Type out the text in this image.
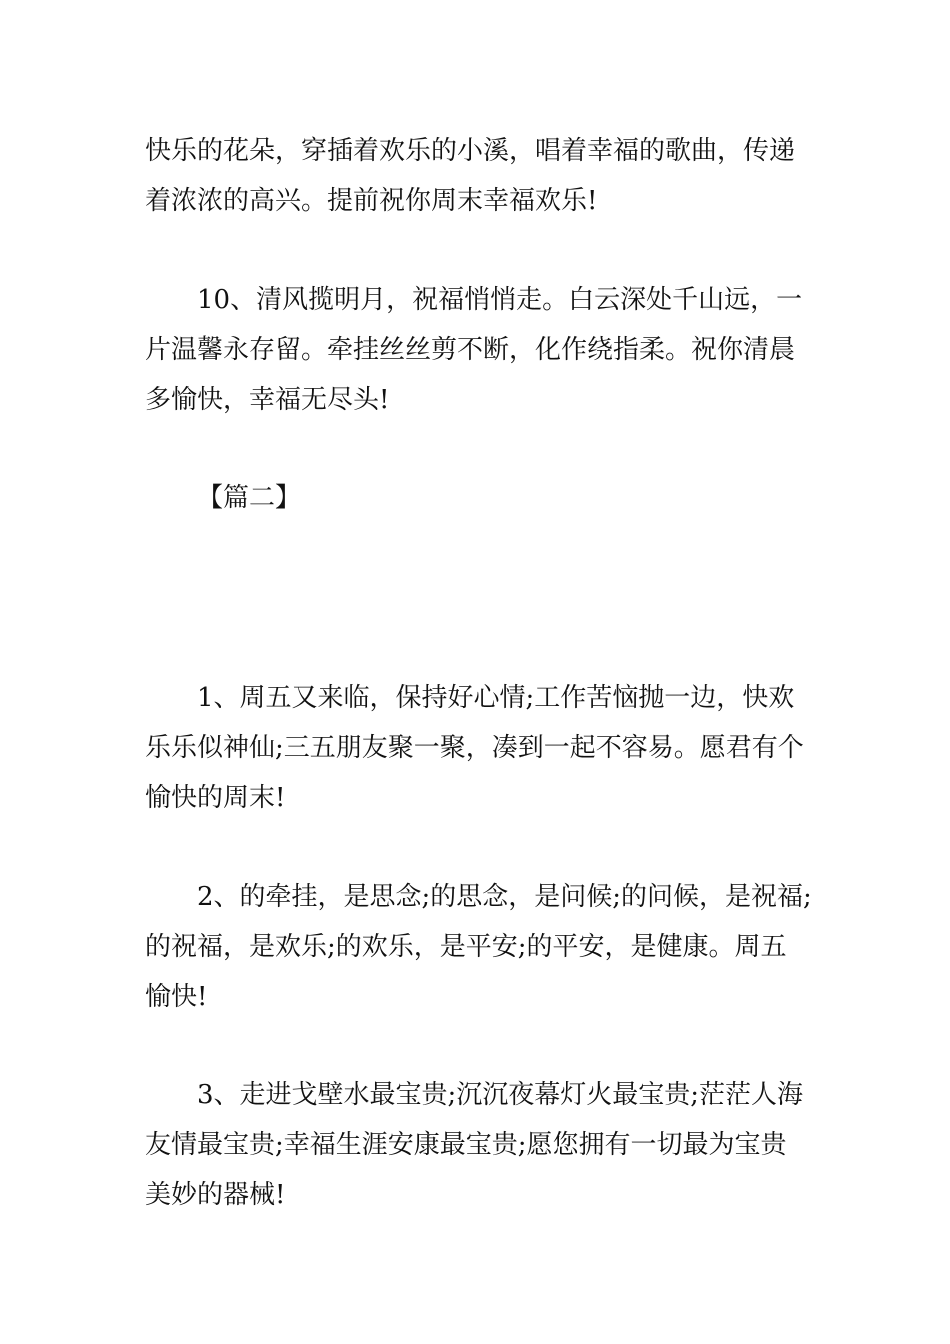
快乐的花朵，穿插着欢乐的小溪，唱着幸福的歌曲，传递
着浓浓的高兴。提前祝你周末幸福欢乐!

10、清风揽明月，祝福悄悄走。白云深处千山远，一
片温馨永存留。牵挂丝丝剪不断，化作绕指柔。祝你清晨
多愉快，幸福无尽头!

【篇二】

1、周五又来临，保持好心情;工作苦恼抛一边，快欢
乐乐似神仙;三五朋友聚一聚，凑到一起不容易。愿君有个
愉快的周末!

2、的牵挂，是思念;的思念，是问候;的问候，是祝福;
的祝福，是欢乐;的欢乐，是平安;的平安，是健康。周五
愉快!

3、走进戈壁水最宝贵;沉沉夜幕灯火最宝贵;茫茫人海
友情最宝贵;幸福生涯安康最宝贵;愿您拥有一切最为宝贵
美妙的器械!
